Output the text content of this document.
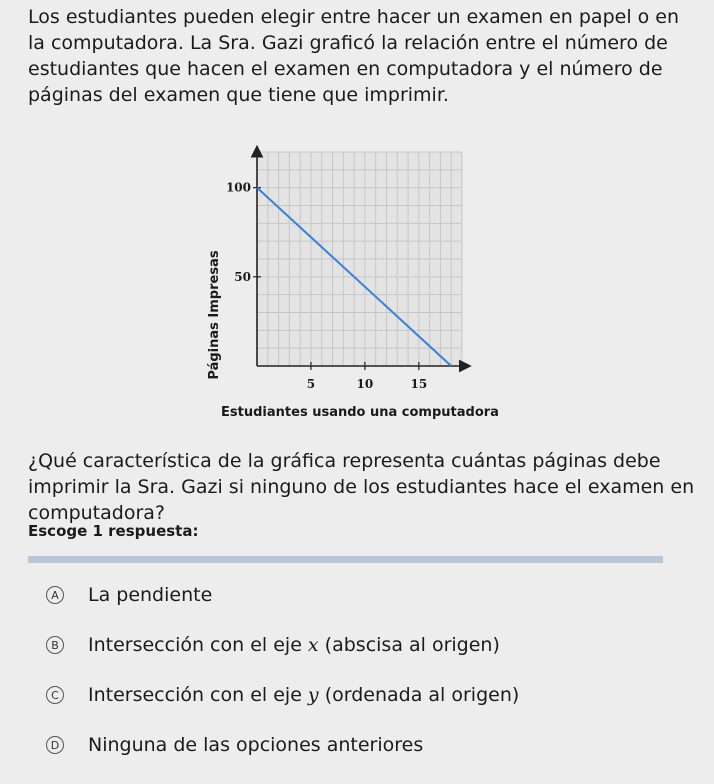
Los estudiantes pueden elegir entre hacer un examen en papel o en la computadora. La Sra. Gazi graficó la relación entre el número de estudiantes que hacen el examen en computadora y el número de páginas del examen que tiene que imprimir.

5	10	15
100
50
Estudiantes usando una computadora
Páginas Impresas

¿Qué característica de la gráfica representa cuántas páginas debe imprimir la Sra. Gazi si ninguno de los estudiantes hace el examen en computadora?

Escoge 1 respuesta:

A La pendiente
B Intersección con el eje x (abscisa al origen)
C Intersección con el eje y (ordenada al origen)
D Ninguna de las opciones anteriores
